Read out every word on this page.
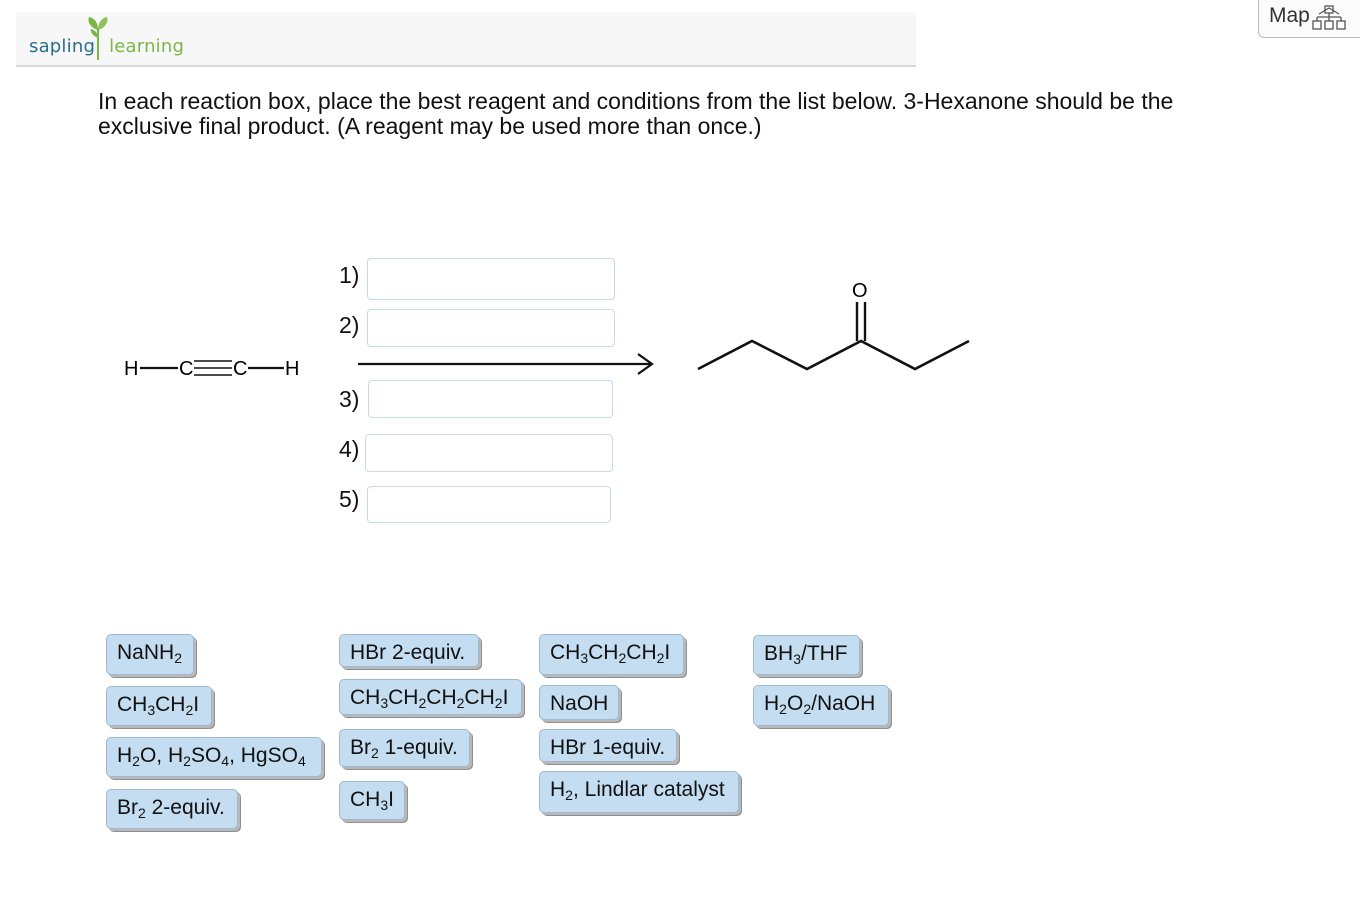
sapling learning
Map
In each reaction box, place the best reagent and conditions from the list below. 3-Hexanone should be the
exclusive final product. (A reagent may be used more than once.)
H C C H
1)
2)
3)
4)
5)
O
NaNH$_2$
$CH_3CH_2I$
$H_2O$, $H_2SO_4$, HgSO$_4$
$Br_2$ 2-equiv.
HBr 2-equiv.
$CH_3CH_2CH_2CH_2I$
$Br_2$ 1-equiv.
$CH_3I$
$CH_3CH_2CH_2I$
NaOH
HBr 1-equiv.
$H_2$, Lindlar catalyst
$BH_3$/THF
$H_2O_2$/NaOH
